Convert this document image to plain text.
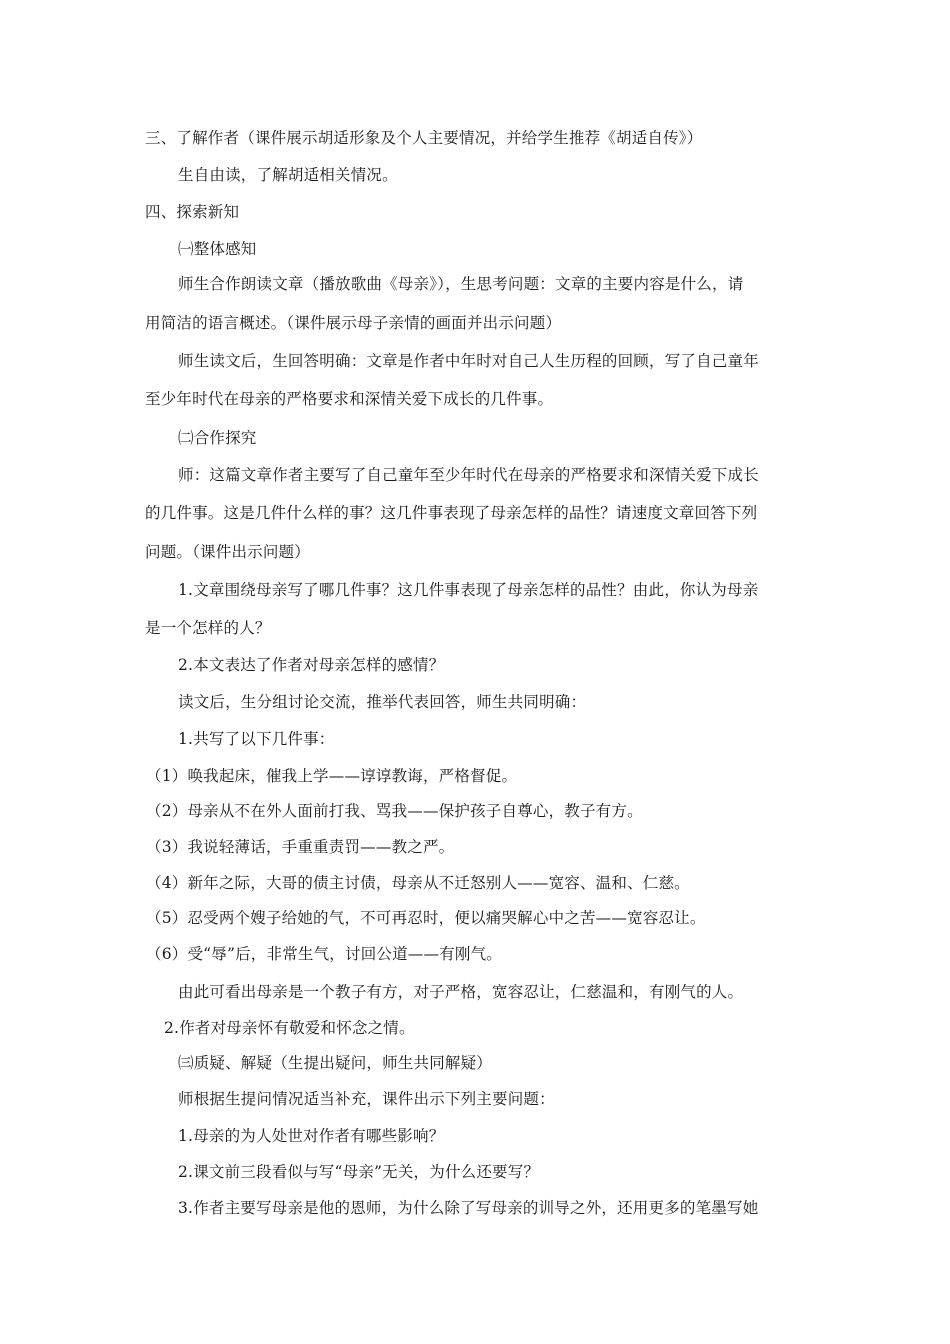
三、了解作者（课件展示胡适形象及个人主要情况，并给学生推荐《胡适自传》）
生自由读，了解胡适相关情况。
四、探索新知
㈠整体感知
师生合作朗读文章（播放歌曲《母亲》），生思考问题：文章的主要内容是什么，请
用简洁的语言概述。（课件展示母子亲情的画面并出示问题）
师生读文后，生回答明确：文章是作者中年时对自己人生历程的回顾，写了自己童年
至少年时代在母亲的严格要求和深情关爱下成长的几件事。
㈡合作探究
师：这篇文章作者主要写了自己童年至少年时代在母亲的严格要求和深情关爱下成长
的几件事。这是几件什么样的事？这几件事表现了母亲怎样的品性？请速度文章回答下列
问题。（课件出示问题）
1.文章围绕母亲写了哪几件事？这几件事表现了母亲怎样的品性？由此，你认为母亲
是一个怎样的人？
2.本文表达了作者对母亲怎样的感情？
读文后，生分组讨论交流，推举代表回答，师生共同明确：
1.共写了以下几件事：
（1）唤我起床，催我上学——谆谆教诲，严格督促。
（2）母亲从不在外人面前打我、骂我——保护孩子自尊心，教子有方。
（3）我说轻薄话，手重重责罚——教之严。
（4）新年之际，大哥的债主讨债，母亲从不迁怒别人——宽容、温和、仁慈。
（5）忍受两个嫂子给她的气，不可再忍时，便以痛哭解心中之苦——宽容忍让。
（6）受“辱”后，非常生气，讨回公道——有刚气。
由此可看出母亲是一个教子有方，对子严格，宽容忍让，仁慈温和，有刚气的人。
2.作者对母亲怀有敬爱和怀念之情。
㈢质疑、解疑（生提出疑问，师生共同解疑）
师根据生提问情况适当补充，课件出示下列主要问题：
1.母亲的为人处世对作者有哪些影响？
2.课文前三段看似与写“母亲”无关，为什么还要写？
3.作者主要写母亲是他的恩师，为什么除了写母亲的训导之外，还用更多的笔墨写她
